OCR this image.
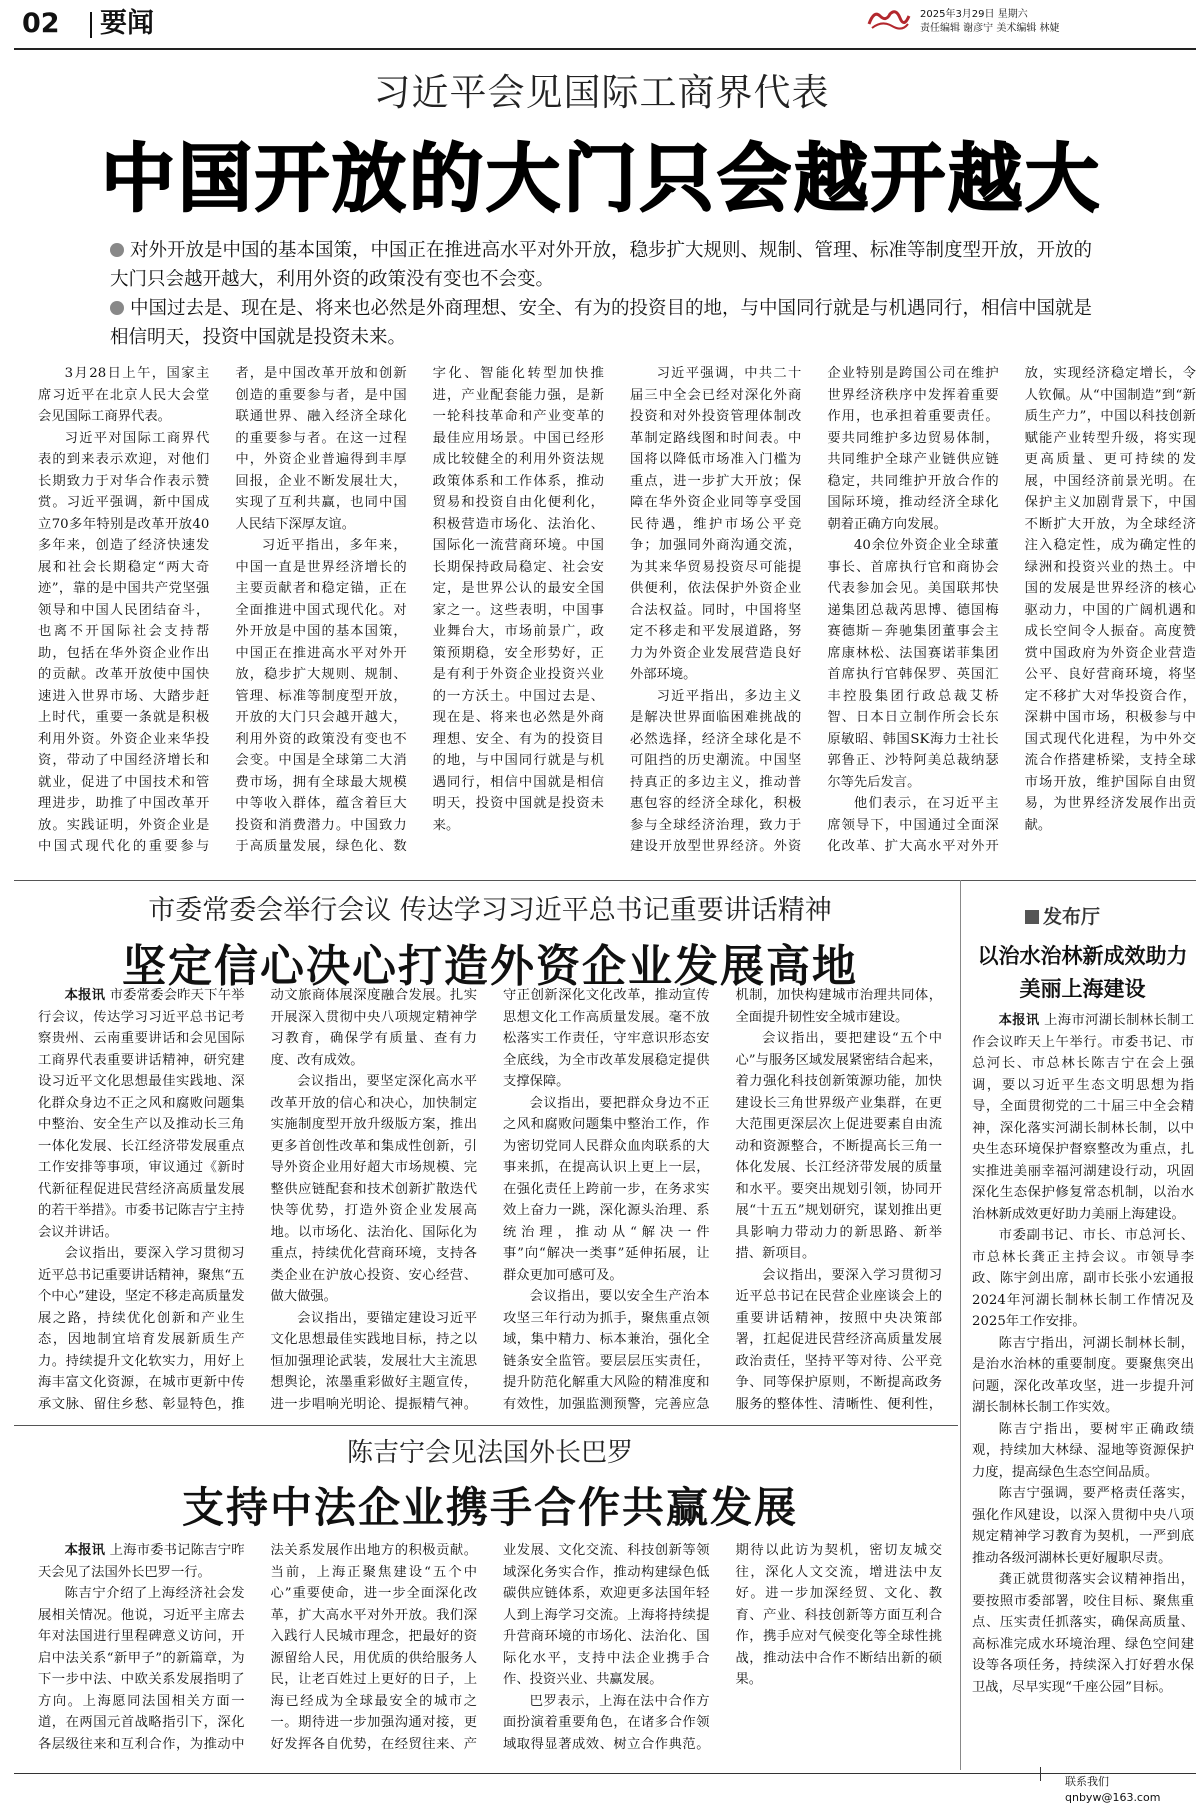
02 要闻	2025年3月29日 星期六
责任编辑 谢彦宁 美术编辑 林婕
习近平会见国际工商界代表
中国开放的大门只会越开越大

对外开放是中国的基本国策，中国正在推进高水平对外开放，稳步扩大规则、规制、管理、标准等制度型开放，开放的大门只会越开越大，利用外资的政策没有变也不会变。

中国过去是、现在是、将来也必然是外商理想、安全、有为的投资目的地，与中国同行就是与机遇同行，相信中国就是相信明天，投资中国就是投资未来。

3月28日上午，国家主席习近平在北京人民大会堂会见国际工商界代表。

习近平对国际工商界代表的到来表示欢迎，对他们长期致力于对华合作表示赞赏。习近平强调，新中国成立70多年特别是改革开放40多年来，创造了经济快速发展和社会长期稳定“两大奇迹”，靠的是中国共产党坚强领导和中国人民团结奋斗，也离不开国际社会支持帮助，包括在华外资企业作出的贡献。改革开放使中国快速进入世界市场、大踏步赶上时代，重要一条就是积极利用外资。外资企业来华投资，带动了中国经济增长和就业，促进了中国技术和管理进步，助推了中国改革开放。实践证明，外资企业是中国式现代化的重要参与者，是中国改革开放和创新创造的重要参与者，是中国联通世界、融入经济全球化的重要参与者。在这一过程中，外资企业普遍得到丰厚回报，企业不断发展壮大，实现了互利共赢，也同中国人民结下深厚友谊。

习近平指出，多年来，中国一直是世界经济增长的主要贡献者和稳定锚，正在全面推进中国式现代化。对外开放是中国的基本国策，中国正在推进高水平对外开放，稳步扩大规则、规制、管理、标准等制度型开放，开放的大门只会越开越大，利用外资的政策没有变也不会变。中国是全球第二大消费市场，拥有全球最大规模中等收入群体，蕴含着巨大投资和消费潜力。中国致力于高质量发展，绿色化、数字化、智能化转型加快推进，产业配套能力强，是新一轮科技革命和产业变革的最佳应用场景。中国已经形成比较健全的利用外资法规政策体系和工作体系，推动贸易和投资自由化便利化，积极营造市场化、法治化、国际化一流营商环境。中国长期保持政局稳定、社会安定，是世界公认的最安全国家之一。这些表明，中国事业舞台大，市场前景广，政策预期稳，安全形势好，正是有利于外资企业投资兴业的一方沃土。中国过去是、现在是、将来也必然是外商理想、安全、有为的投资目的地，与中国同行就是与机遇同行，相信中国就是相信明天，投资中国就是投资未来。

习近平强调，中共二十届三中全会已经对深化外商投资和对外投资管理体制改革制定路线图和时间表。中国将以降低市场准入门槛为重点，进一步扩大开放；保障在华外资企业同等享受国民待遇，维护市场公平竞争；加强同外商沟通交流，为其来华贸易投资尽可能提供便利，依法保护外资企业合法权益。同时，中国将坚定不移走和平发展道路，努力为外资企业发展营造良好外部环境。

习近平指出，多边主义是解决世界面临困难挑战的必然选择，经济全球化是不可阻挡的历史潮流。中国坚持真正的多边主义，推动普惠包容的经济全球化，积极参与全球经济治理，致力于建设开放型世界经济。外资企业特别是跨国公司在维护世界经济秩序中发挥着重要作用，也承担着重要责任。要共同维护多边贸易体制，共同维护全球产业链供应链稳定，共同维护开放合作的国际环境，推动经济全球化朝着正确方向发展。

40余位外资企业全球董事长、首席执行官和商协会代表参加会见。美国联邦快递集团总裁芮思博、德国梅赛德斯－奔驰集团董事会主席康林松、法国赛诺菲集团首席执行官韩保罗、英国汇丰控股集团行政总裁艾桥智、日本日立制作所会长东原敏昭、韩国SK海力士社长郭鲁正、沙特阿美总裁纳瑟尔等先后发言。

他们表示，在习近平主席领导下，中国通过全面深化改革、扩大高水平对外开放，实现经济稳定增长，令人钦佩。从“中国制造”到“新质生产力”，中国以科技创新赋能产业转型升级，将实现更高质量、更可持续的发展，中国经济前景光明。在保护主义加剧背景下，中国不断扩大开放，为全球经济注入稳定性，成为确定性的绿洲和投资兴业的热土。中国的发展是世界经济的核心驱动力，中国的广阔机遇和成长空间令人振奋。高度赞赏中国政府为外资企业营造公平、良好营商环境，将坚定不移扩大对华投资合作，深耕中国市场，积极参与中国式现代化进程，为中外交流合作搭建桥梁，支持全球市场开放，维护国际自由贸易，为世界经济发展作出贡献。

市委常委会举行会议 传达学习习近平总书记重要讲话精神
坚定信心决心打造外资企业发展高地

本报讯 市委常委会昨天下午举行会议，传达学习习近平总书记考察贵州、云南重要讲话和会见国际工商界代表重要讲话精神，研究建设习近平文化思想最佳实践地、深化群众身边不正之风和腐败问题集中整治、安全生产以及推动长三角一体化发展、长江经济带发展重点工作安排等事项，审议通过《新时代新征程促进民营经济高质量发展的若干举措》。市委书记陈吉宁主持会议并讲话。

会议指出，要深入学习贯彻习近平总书记重要讲话精神，聚焦“五个中心”建设，坚定不移走高质量发展之路，持续优化创新和产业生态，因地制宜培育发展新质生产力。持续提升文化软实力，用好上海丰富文化资源，在城市更新中传承文脉、留住乡愁、彰显特色，推动文旅商体展深度融合发展。扎实开展深入贯彻中央八项规定精神学习教育，确保学有质量、查有力度、改有成效。

会议指出，要坚定深化高水平改革开放的信心和决心，加快制定实施制度型开放升级版方案，推出更多首创性改革和集成性创新，引导外资企业用好超大市场规模、完整供应链配套和技术创新扩散迭代快等优势，打造外资企业发展高地。以市场化、法治化、国际化为重点，持续优化营商环境，支持各类企业在沪放心投资、安心经营、做大做强。

会议指出，要锚定建设习近平文化思想最佳实践地目标，持之以恒加强理论武装，发展壮大主流思想舆论，浓墨重彩做好主题宣传，进一步唱响光明论、提振精气神。守正创新深化文化改革，推动宣传思想文化工作高质量发展。毫不放松落实工作责任，守牢意识形态安全底线，为全市改革发展稳定提供支撑保障。

会议指出，要把群众身边不正之风和腐败问题集中整治工作，作为密切党同人民群众血肉联系的大事来抓，在提高认识上更上一层，在强化责任上跨前一步，在务求实效上奋力一跳，深化源头治理、系统治理，推动从“解决一件事”向“解决一类事”延伸拓展，让群众更加可感可及。

会议指出，要以安全生产治本攻坚三年行动为抓手，聚焦重点领域，集中精力、标本兼治，强化全链条安全监管。要层层压实责任，提升防范化解重大风险的精准度和有效性，加强监测预警，完善应急机制，加快构建城市治理共同体，全面提升韧性安全城市建设。

会议指出，要把建设“五个中心”与服务区域发展紧密结合起来，着力强化科技创新策源功能，加快建设长三角世界级产业集群，在更大范围更深层次上促进要素自由流动和资源整合，不断提高长三角一体化发展、长江经济带发展的质量和水平。要突出规划引领，协同开展“十五五”规划研究，谋划推出更具影响力带动力的新思路、新举措、新项目。

会议指出，要深入学习贯彻习近平总书记在民营企业座谈会上的重要讲话精神，按照中央决策部署，扛起促进民营经济高质量发展政治责任，坚持平等对待、公平竞争、同等保护原则，不断提高政务服务的整体性、清晰性、便利性，

陈吉宁会见法国外长巴罗
支持中法企业携手合作共赢发展

本报讯 上海市委书记陈吉宁昨天会见了法国外长巴罗一行。

陈吉宁介绍了上海经济社会发展相关情况。他说，习近平主席去年对法国进行里程碑意义访问，开启中法关系“新甲子”的新篇章，为下一步中法、中欧关系发展指明了方向。上海愿同法国相关方面一道，在两国元首战略指引下，深化各层级往来和互利合作，为推动中法关系发展作出地方的积极贡献。当前，上海正聚焦建设“五个中心”重要使命，进一步全面深化改革，扩大高水平对外开放。我们深入践行人民城市理念，把最好的资源留给人民，用优质的供给服务人民，让老百姓过上更好的日子，上海已经成为全球最安全的城市之一。期待进一步加强沟通对接，更好发挥各自优势，在经贸往来、产业发展、文化交流、科技创新等领域深化务实合作，推动构建绿色低碳供应链体系，欢迎更多法国年轻人到上海学习交流。上海将持续提升营商环境的市场化、法治化、国际化水平，支持中法企业携手合作、投资兴业、共赢发展。

巴罗表示，上海在法中合作方面扮演着重要角色，在诸多合作领域取得显著成效、树立合作典范。期待以此访为契机，密切友城交往，深化人文交流，增进法中友好。进一步加深经贸、文化、教育、产业、科技创新等方面互利合作，携手应对气候变化等全球性挑战，推动法中合作不断结出新的硕果。

发布厅
以治水治林新成效助力美丽上海建设

本报讯 上海市河湖长制林长制工作会议昨天上午举行。市委书记、市总河长、市总林长陈吉宁在会上强调，要以习近平生态文明思想为指导，全面贯彻党的二十届三中全会精神，深化落实河湖长制林长制，以中央生态环境保护督察整改为重点，扎实推进美丽幸福河湖建设行动，巩固深化生态保护修复常态机制，以治水治林新成效更好助力美丽上海建设。

市委副书记、市长、市总河长、市总林长龚正主持会议。市领导李政、陈宇剑出席，副市长张小宏通报2024年河湖长制林长制工作情况及2025年工作安排。

陈吉宁指出，河湖长制林长制，是治水治林的重要制度。要聚焦突出问题，深化改革攻坚，进一步提升河湖长制林长制工作实效。

陈吉宁指出，要树牢正确政绩观，持续加大林绿、湿地等资源保护力度，提高绿色生态空间品质。

陈吉宁强调，要严格责任落实，强化作风建设，以深入贯彻中央八项规定精神学习教育为契机，一严到底推动各级河湖林长更好履职尽责。

龚正就贯彻落实会议精神指出，要按照市委部署，咬住目标、聚焦重点、压实责任抓落实，确保高质量、高标准完成水环境治理、绿色空间建设等各项任务，持续深入打好碧水保卫战，尽早实现“千座公园”目标。

联系我们 qnbyw@163.com
